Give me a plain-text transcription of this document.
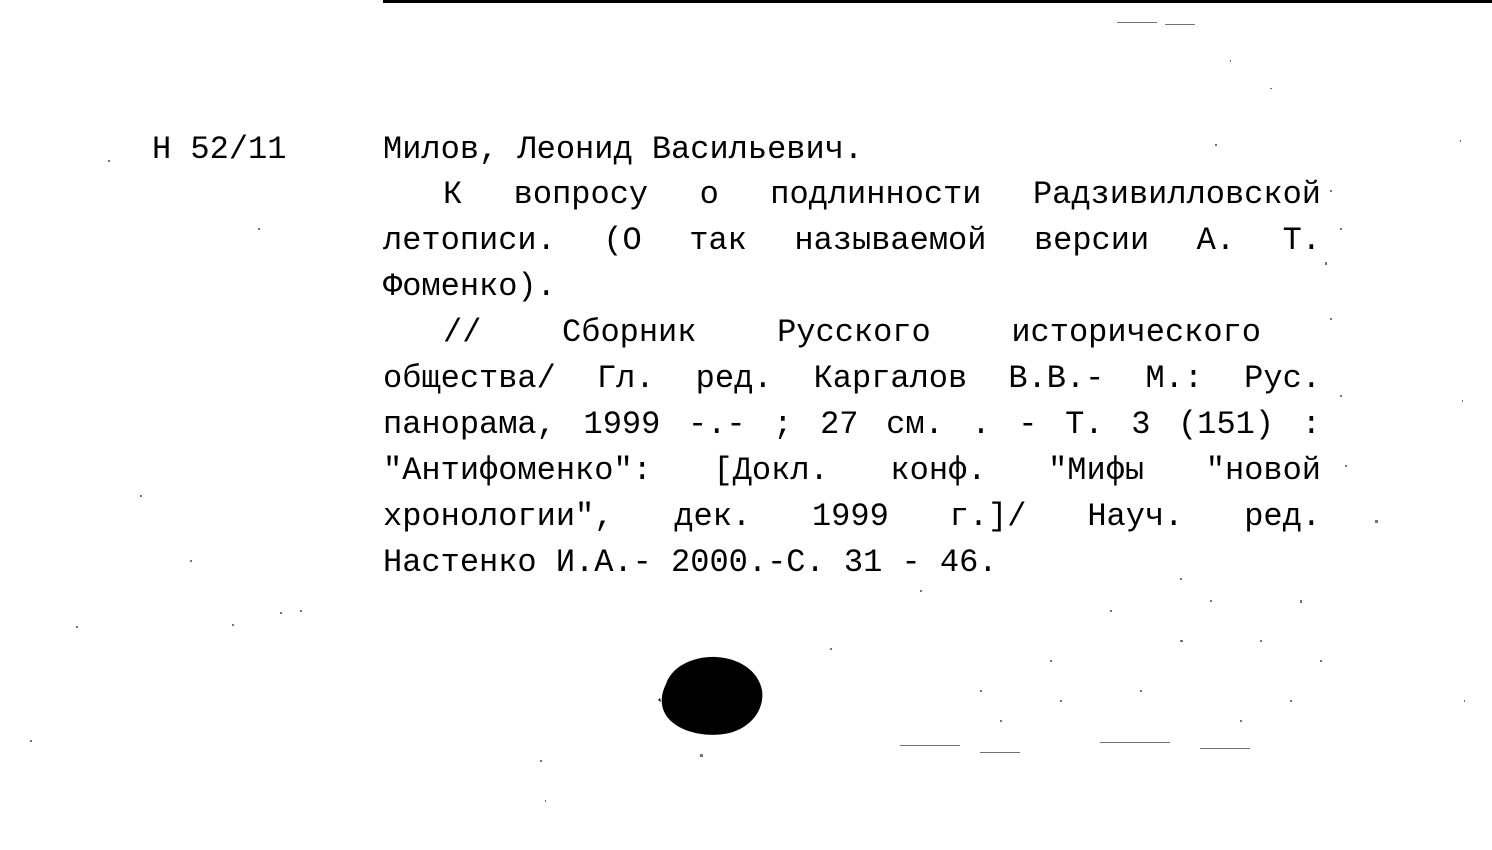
Н 52/11	Милов, Леонид Васильевич.
К вопросу о подлинности Радзивилловской
летописи. (О так называемой версии А. Т.
Фоменко).
//	Сборник	Русского	исторического
общества/ Гл. ред. Каргалов В.В.- М.: Рус.
панорама, 1999 -.- ; 27 см. . - Т. 3 (151) :
"Антифоменко": [Докл. конф. "Мифы "новой
хронологии", дек. 1999 г.]/ Науч. ред.
Настенко И.А.- 2000.-С. 31 - 46.
